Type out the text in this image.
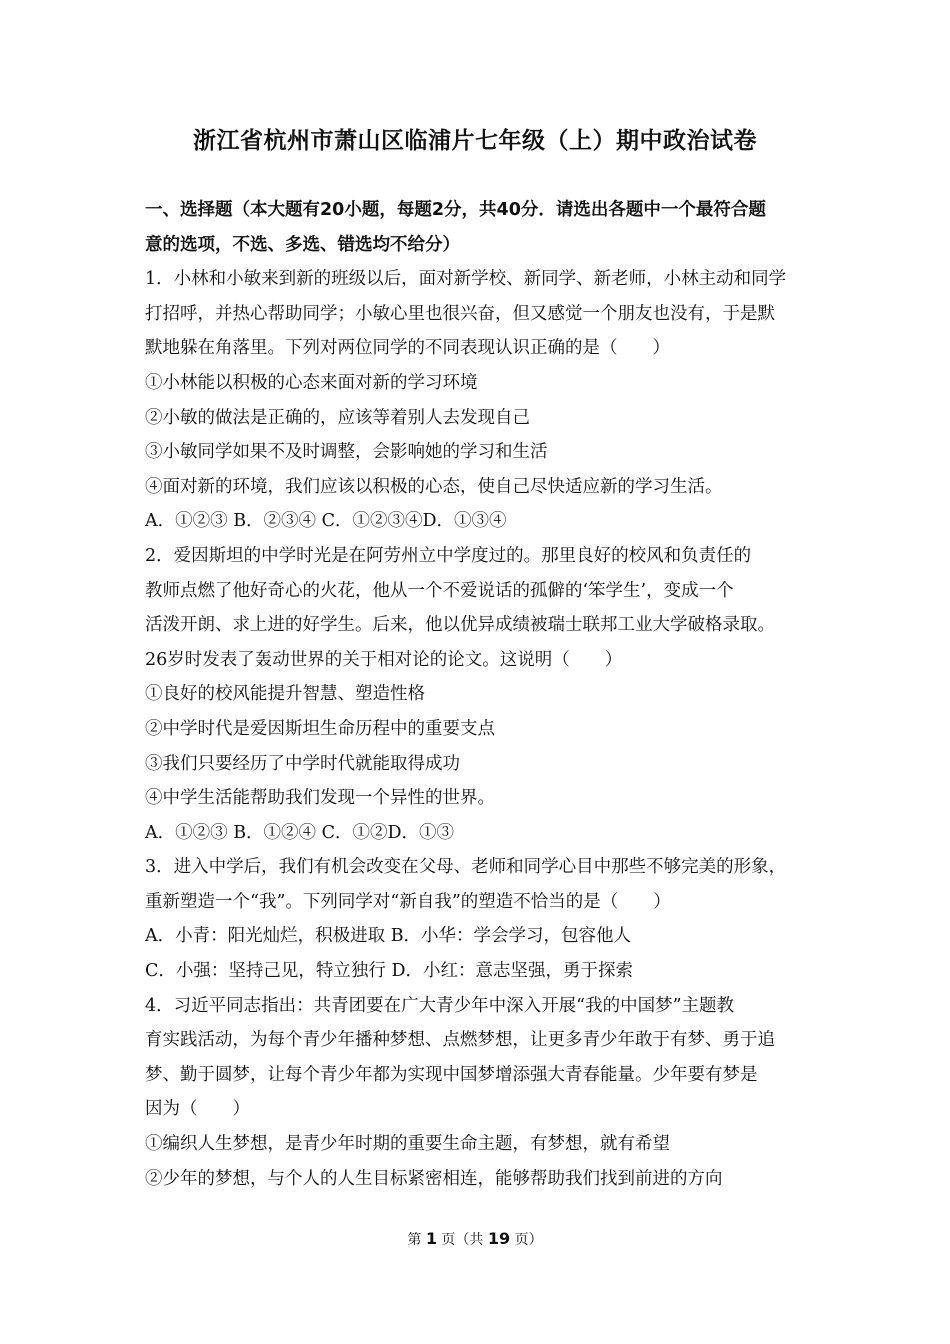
浙江省杭州市萧山区临浦片七年级（上）期中政治试卷
一、选择题（本大题有20小题，每题2分，共40分．请选出各题中一个最符合题
意的选项，不选、多选、错选均不给分）
1．小林和小敏来到新的班级以后，面对新学校、新同学、新老师，小林主动和同学
打招呼，并热心帮助同学；小敏心里也很兴奋，但又感觉一个朋友也没有，于是默
默地躲在角落里。下列对两位同学的不同表现认识正确的是（　　）
①小林能以积极的心态来面对新的学习环境
②小敏的做法是正确的，应该等着别人去发现自己
③小敏同学如果不及时调整，会影响她的学习和生活
④面对新的环境，我们应该以积极的心态，使自己尽快适应新的学习生活。
A．①②③ B．②③④ C．①②③④D．①③④
2．爱因斯坦的中学时光是在阿劳州立中学度过的。那里良好的校风和负责任的
教师点燃了他好奇心的火花，他从一个不爱说话的孤僻的‘笨学生’，变成一个
活泼开朗、求上进的好学生。后来，他以优异成绩被瑞士联邦工业大学破格录取。
26岁时发表了轰动世界的关于相对论的论文。这说明（　　）
①良好的校风能提升智慧、塑造性格
②中学时代是爱因斯坦生命历程中的重要支点
③我们只要经历了中学时代就能取得成功
④中学生活能帮助我们发现一个异性的世界。
A．①②③ B．①②④ C．①②D．①③
3．进入中学后，我们有机会改变在父母、老师和同学心目中那些不够完美的形象，
重新塑造一个“我”。下列同学对“新自我”的塑造不恰当的是（　　）
A．小青：阳光灿烂，积极进取 B．小华：学会学习，包容他人
C．小强：坚持己见，特立独行 D．小红：意志坚强，勇于探索
4．习近平同志指出：共青团要在广大青少年中深入开展“我的中国梦”主题教
育实践活动，为每个青少年播种梦想、点燃梦想，让更多青少年敢于有梦、勇于追
梦、勤于圆梦，让每个青少年都为实现中国梦增添强大青春能量。少年要有梦是
因为（　　）
①编织人生梦想，是青少年时期的重要生命主题，有梦想，就有希望
②少年的梦想，与个人的人生目标紧密相连，能够帮助我们找到前进的方向
第 1 页（共 19 页）
